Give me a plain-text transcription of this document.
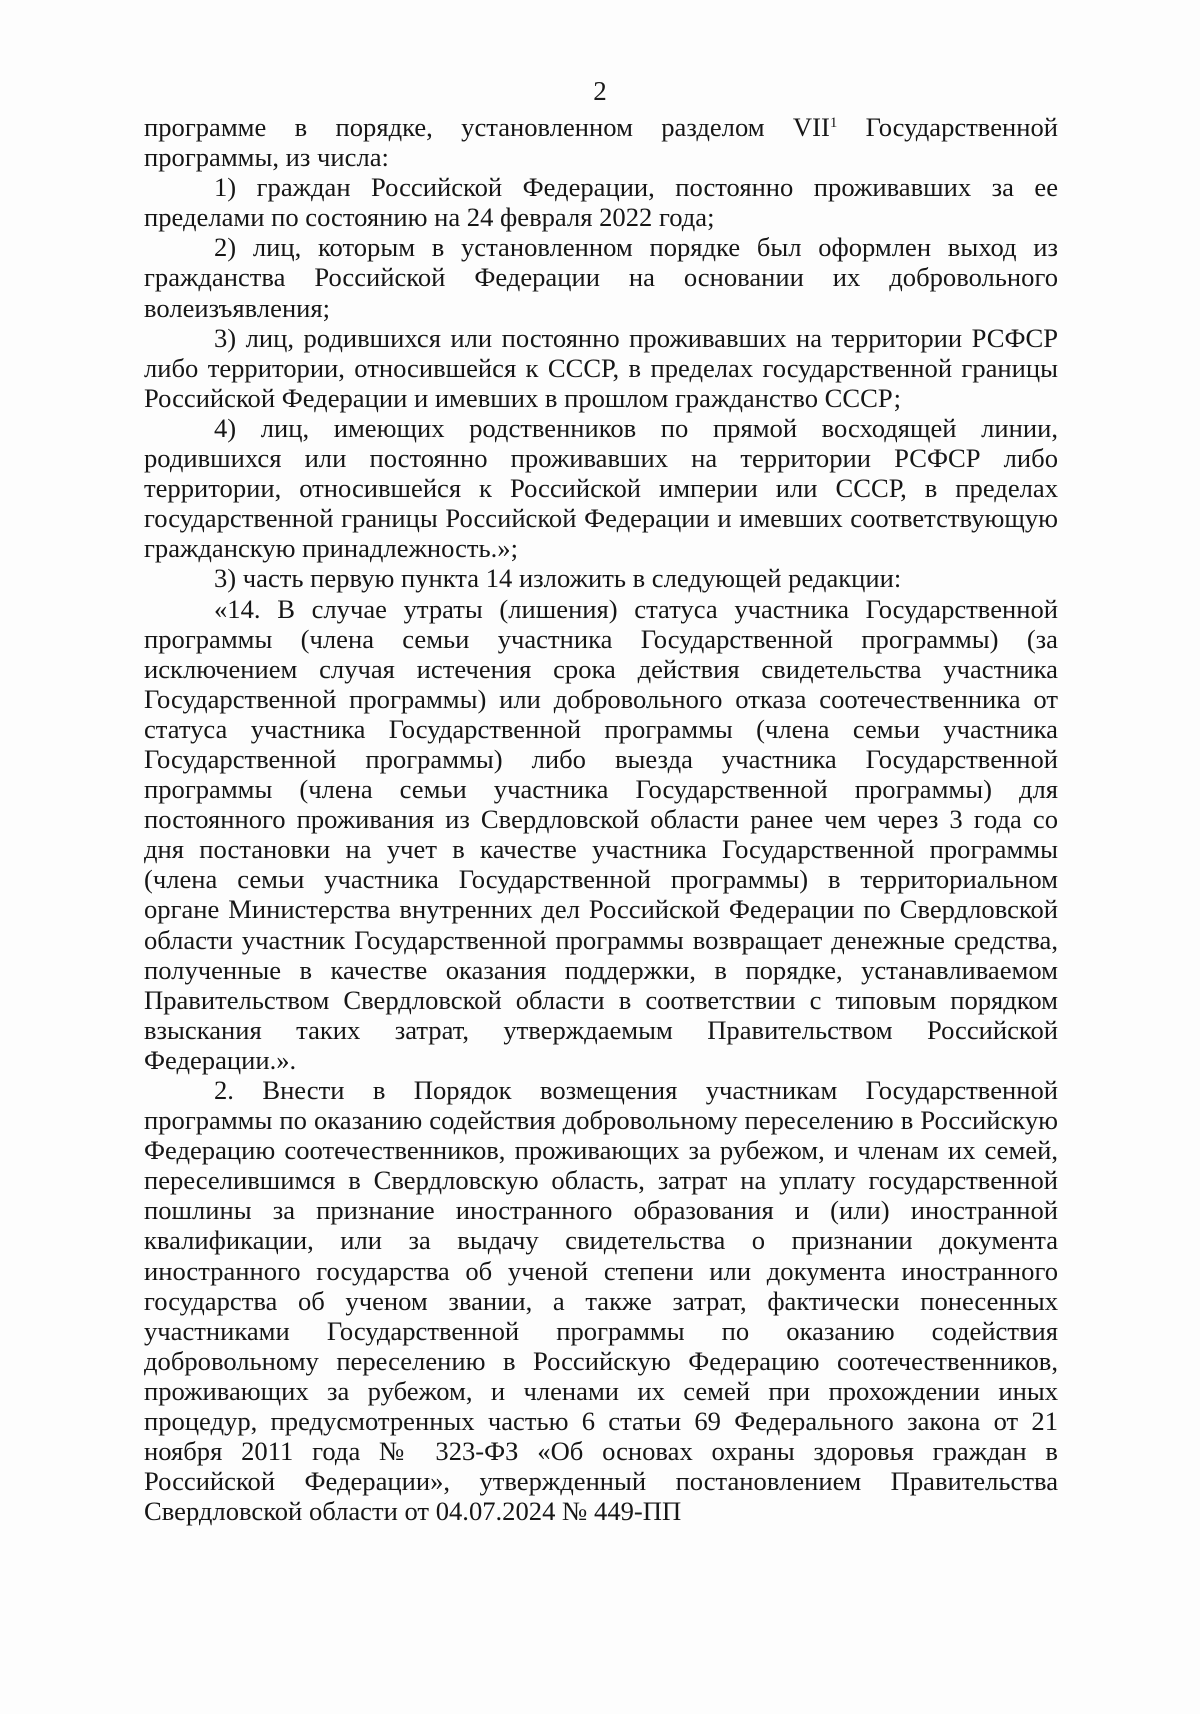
2

программе в порядке, установленном разделом VII$^1$ Государственной программы, из числа:

1) граждан Российской Федерации, постоянно проживавших за ее пределами по состоянию на 24 февраля 2022 года;

2) лиц, которым в установленном порядке был оформлен выход из гражданства Российской Федерации на основании их добровольного волеизъявления;

3) лиц, родившихся или постоянно проживавших на территории РСФСР либо территории, относившейся к СССР, в пределах государственной границы Российской Федерации и имевших в прошлом гражданство СССР;

4) лиц, имеющих родственников по прямой восходящей линии, родившихся или постоянно проживавших на территории РСФСР либо территории, относившейся к Российской империи или СССР, в пределах государственной границы Российской Федерации и имевших соответствующую гражданскую принадлежность.»;

3) часть первую пункта 14 изложить в следующей редакции:

«14. В случае утраты (лишения) статуса участника Государственной программы (члена семьи участника Государственной программы) (за исключением случая истечения срока действия свидетельства участника Государственной программы) или добровольного отказа соотечественника от статуса участника Государственной программы (члена семьи участника Государственной программы) либо выезда участника Государственной программы (члена семьи участника Государственной программы) для постоянного проживания из Свердловской области ранее чем через 3 года со дня постановки на учет в качестве участника Государственной программы (члена семьи участника Государственной программы) в территориальном органе Министерства внутренних дел Российской Федерации по Свердловской области участник Государственной программы возвращает денежные средства, полученные в качестве оказания поддержки, в порядке, устанавливаемом Правительством Свердловской области в соответствии с типовым порядком взыскания таких затрат, утверждаемым Правительством Российской Федерации.».

2. Внести в Порядок возмещения участникам Государственной программы по оказанию содействия добровольному переселению в Российскую Федерацию соотечественников, проживающих за рубежом, и членам их семей, переселившимся в Свердловскую область, затрат на уплату государственной пошлины за признание иностранного образования и (или) иностранной квалификации, или за выдачу свидетельства о признании документа иностранного государства об ученой степени или документа иностранного государства об ученом звании, а также затрат, фактически понесенных участниками Государственной программы по оказанию содействия добровольному переселению в Российскую Федерацию соотечественников, проживающих за рубежом, и членами их семей при прохождении иных процедур, предусмотренных частью 6 статьи 69 Федерального закона от 21 ноября 2011 года № 323-ФЗ «Об основах охраны здоровья граждан в Российской Федерации», утвержденный постановлением Правительства Свердловской области от 04.07.2024 № 449-ПП
